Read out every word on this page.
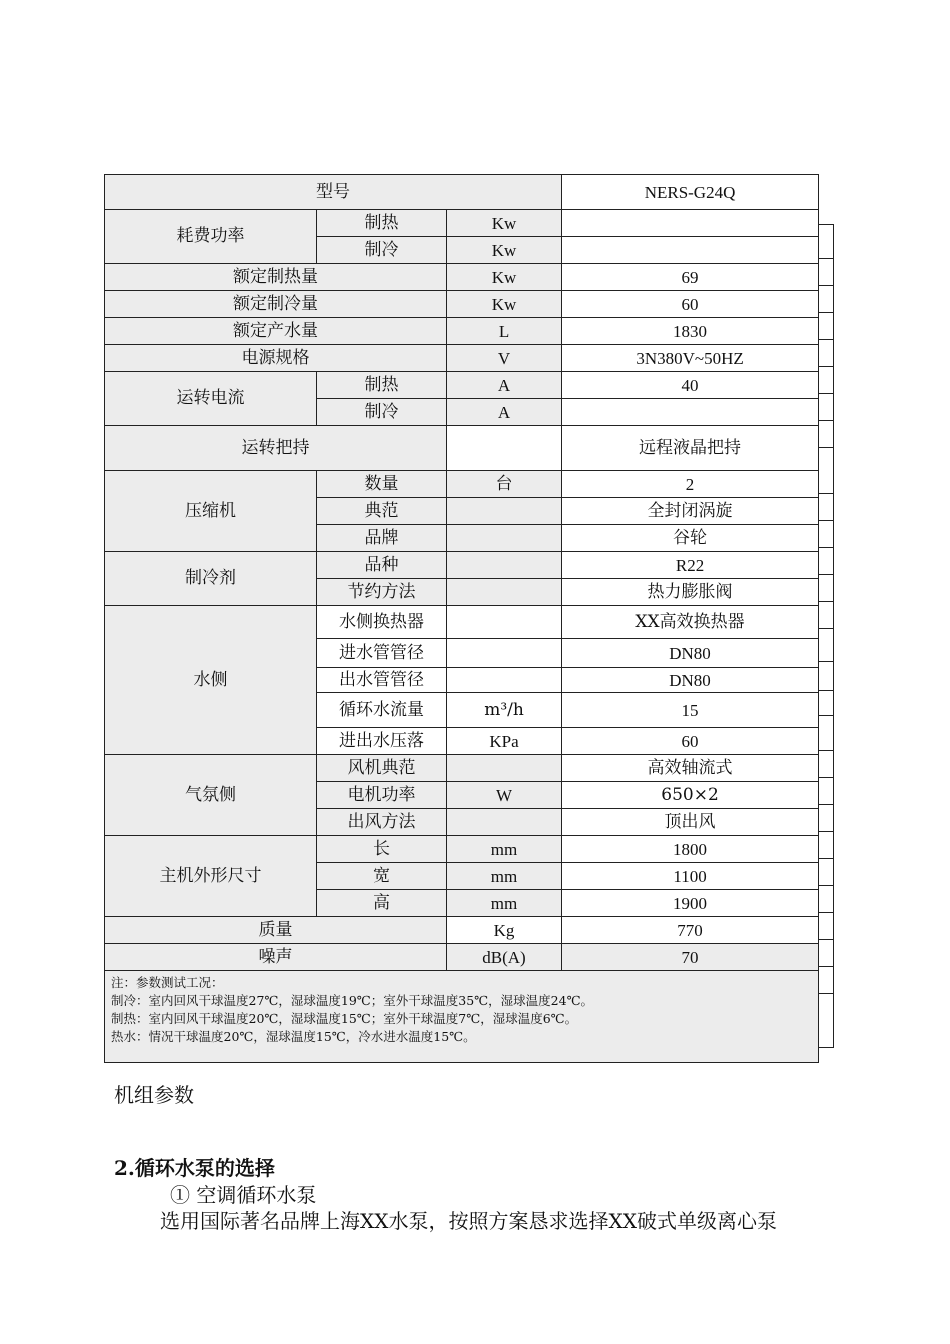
型号			NERS-G24Q
耗费功率	制热	Kw	
	制冷	Kw	
额定制热量		Kw	69
额定制冷量		Kw	60
额定产水量		L	1830
电源规格		V	3N380V~50HZ
运转电流	制热	A	40
	制冷	A	
运转把持			远程液晶把持
压缩机	数量	台	2
	典范		全封闭涡旋
	品牌		谷轮
制冷剂	品种		R22
	节约方法		热力膨胀阀
水侧	水侧换热器		XX高效换热器
	进水管管径		DN80
	出水管管径		DN80
	循环水流量	m³/h	15
	进出水压落	KPa	60
气氛侧	风机典范		高效轴流式
	电机功率	W	650×2
	出风方法		顶出风
主机外形尺寸	长	mm	1800
	宽	mm	1100
	高	mm	1900
质量		Kg	770
噪声		dB(A)	70

注：参数测试工况：
制冷：室内回风干球温度27℃，湿球温度19℃；室外干球温度35℃，湿球温度24℃。
制热：室内回风干球温度20℃，湿球温度15℃；室外干球温度7℃，湿球温度6℃。
热水：情况干球温度20℃，湿球温度15℃，冷水进水温度15℃。			
机组参数
2.循环水泵的选择
① 空调循环水泵
选用国际著名品牌上海XX水泵，按照方案恳求选择XX破式单级离心泵
